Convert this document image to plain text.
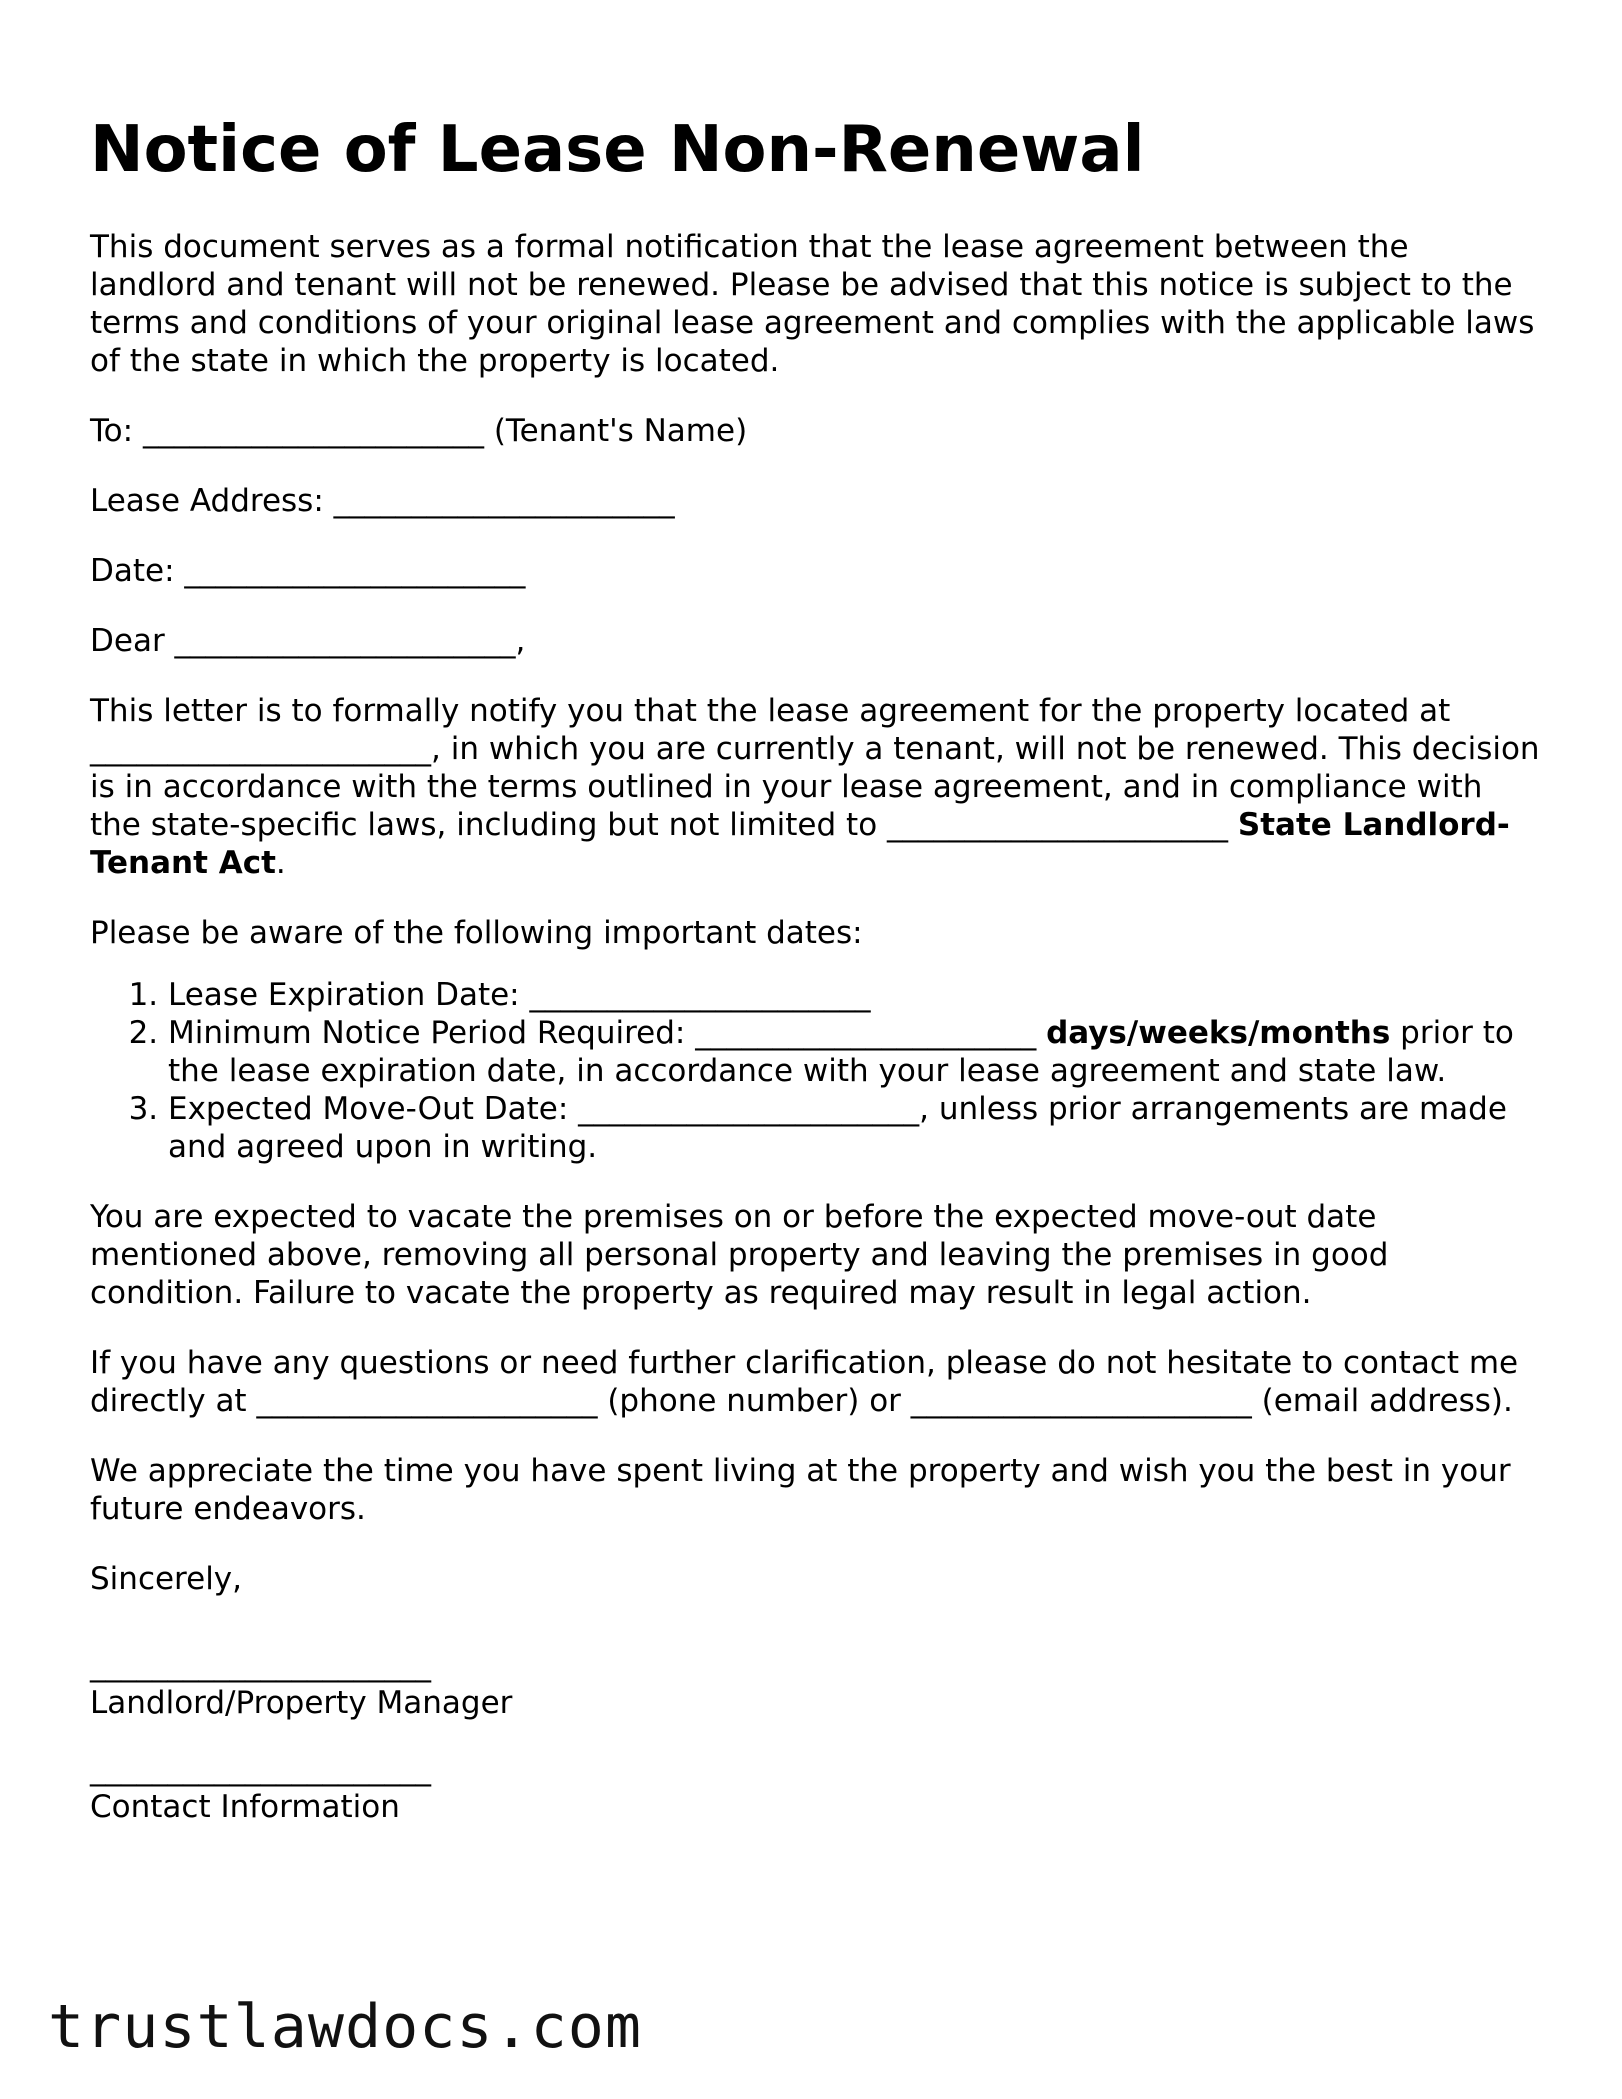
Notice of Lease Non-Renewal

This document serves as a formal notification that the lease agreement between the landlord and tenant will not be renewed. Please be advised that this notice is subject to the terms and conditions of your original lease agreement and complies with the applicable laws of the state in which the property is located.

To: ______________________ (Tenant's Name)

Lease Address: ______________________

Date: ______________________

Dear ______________________,

This letter is to formally notify you that the lease agreement for the property located at ______________________, in which you are currently a tenant, will not be renewed. This decision is in accordance with the terms outlined in your lease agreement, and in compliance with the state-specific laws, including but not limited to ______________________ State Landlord-Tenant Act.

Please be aware of the following important dates:

1. Lease Expiration Date: ______________________
2. Minimum Notice Period Required: ______________________ days/weeks/months prior to the lease expiration date, in accordance with your lease agreement and state law.
3. Expected Move-Out Date: ______________________, unless prior arrangements are made and agreed upon in writing.

You are expected to vacate the premises on or before the expected move-out date mentioned above, removing all personal property and leaving the premises in good condition. Failure to vacate the property as required may result in legal action.

If you have any questions or need further clarification, please do not hesitate to contact me directly at ______________________ (phone number) or ______________________ (email address).

We appreciate the time you have spent living at the property and wish you the best in your future endeavors.

Sincerely,

______________________
Landlord/Property Manager
______________________
Contact Information
trustlawdocs.com
